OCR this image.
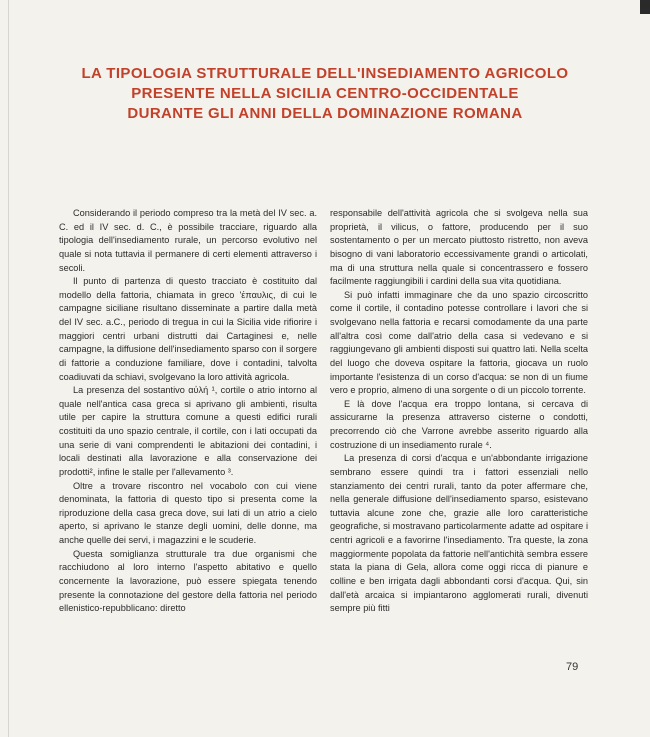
LA TIPOLOGIA STRUTTURALE DELL'INSEDIAMENTO AGRICOLO
PRESENTE NELLA SICILIA CENTRO-OCCIDENTALE
DURANTE GLI ANNI DELLA DOMINAZIONE ROMANA

Considerando il periodo compreso tra la metà del IV sec. a. C. ed il IV sec. d. C., è possibile tracciare, riguardo alla tipologia dell'insediamento rurale, un percorso evolutivo nel quale si nota tuttavia il permanere di certi elementi attraverso i secoli.

Il punto di partenza di questo tracciato è costituito dal modello della fattoria, chiamata in greco 'έπαυλις, di cui le campagne siciliane risultano disseminate a partire dalla metà del IV sec. a.C., periodo di tregua in cui la Sicilia vide rifiorire i maggiori centri urbani distrutti dai Cartaginesi e, nelle campagne, la diffusione dell'insediamento sparso con il sorgere di fattorie a conduzione familiare, dove i contadini, talvolta coadiuvati da schiavi, svolgevano la loro attività agricola.

La presenza del sostantivo αὐλή ¹, cortile o atrio intorno al quale nell'antica casa greca si aprivano gli ambienti, risulta utile per capire la struttura comune a questi edifici rurali costituiti da uno spazio centrale, il cortile, con i lati occupati da una serie di vani comprendenti le abitazioni dei contadini, i locali destinati alla lavorazione e alla conservazione dei prodotti², infine le stalle per l'allevamento ³.

Oltre a trovare riscontro nel vocabolo con cui viene denominata, la fattoria di questo tipo si presenta come la riproduzione della casa greca dove, sui lati di un atrio a cielo aperto, si aprivano le stanze degli uomini, delle donne, ma anche quelle dei servi, i magazzini e le scuderie.

Questa somiglianza strutturale tra due organismi che racchiudono al loro interno l'aspetto abitativo e quello concernente la lavorazione, può essere spiegata tenendo presente la connotazione del gestore della fattoria nel periodo ellenistico-repubblicano: diretto

responsabile dell'attività agricola che si svolgeva nella sua proprietà, il vilicus, o fattore, producendo per il suo sostentamento o per un mercato piuttosto ristretto, non aveva bisogno di vani laboratorio eccessivamente grandi o articolati, ma di una struttura nella quale si concentrassero e fossero facilmente raggiungibili i cardini della sua vita quotidiana.

Si può infatti immaginare che da uno spazio circoscritto come il cortile, il contadino potesse controllare i lavori che si svolgevano nella fattoria e recarsi comodamente da una parte all'altra così come dall'atrio della casa si vedevano e si raggiungevano gli ambienti disposti sui quattro lati. Nella scelta del luogo che doveva ospitare la fattoria, giocava un ruolo importante l'esistenza di un corso d'acqua: se non di un fiume vero e proprio, almeno di una sorgente o di un piccolo torrente.

E là dove l'acqua era troppo lontana, si cercava di assicurarne la presenza attraverso cisterne o condotti, precorrendo ciò che Varrone avrebbe asserito riguardo alla costruzione di un insediamento rurale ⁴.

La presenza di corsi d'acqua e un'abbondante irrigazione sembrano essere quindi tra i fattori essenziali nello stanziamento dei centri rurali, tanto da poter affermare che, nella generale diffusione dell'insediamento sparso, esistevano tuttavia alcune zone che, grazie alle loro caratteristiche geografiche, si mostravano particolarmente adatte ad ospitare i centri agricoli e a favorirne l'insediamento. Tra queste, la zona maggiormente popolata da fattorie nell'antichità sembra essere stata la piana di Gela, allora come oggi ricca di pianure e colline e ben irrigata dagli abbondanti corsi d'acqua. Qui, sin dall'età arcaica si impiantarono agglomerati rurali, divenuti sempre più fitti

79
